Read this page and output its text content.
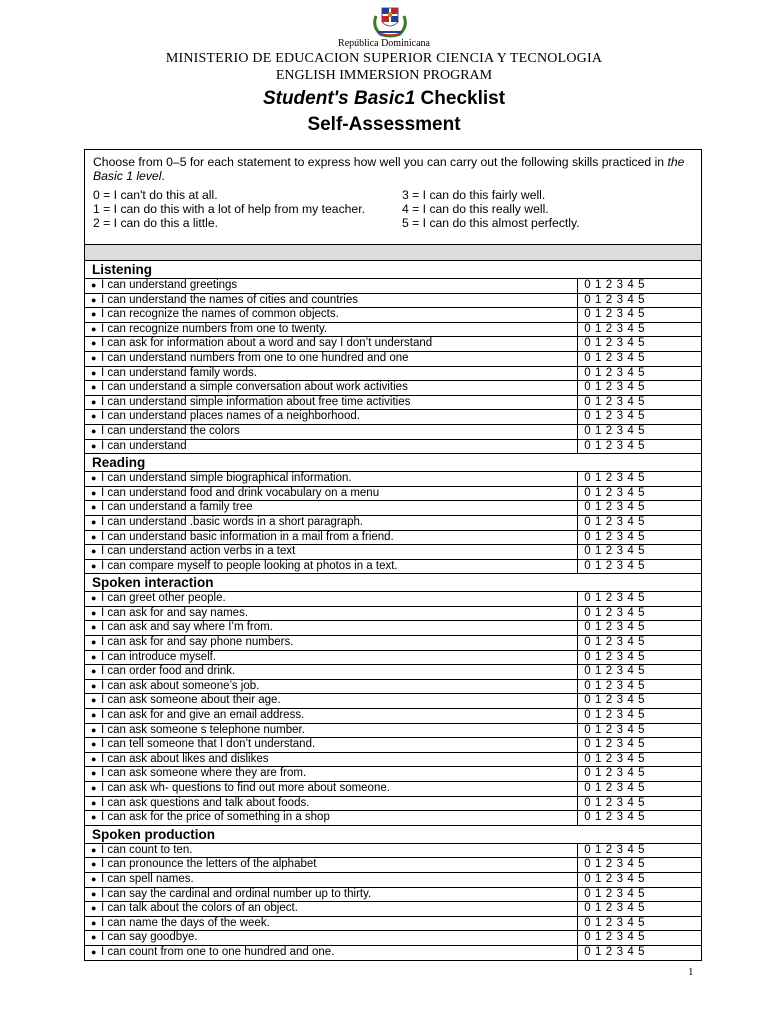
República Dominicana
MINISTERIO DE EDUCACION SUPERIOR CIENCIA Y TECNOLOGIA
ENGLISH IMMERSION PROGRAM
Student's Basic1 Checklist
Self-Assessment
Choose from 0–5 for each statement to express how well you can carry out the following skills practiced in the Basic 1 level.
0 = I can't do this at all.
1 = I can do this with a lot of help from my teacher.
2 = I can do this a little.
3 = I can do this fairly well.
4 = I can do this really well.
5 = I can do this almost perfectly.
Listening	
● I can understand greetings	0 1 2 3 4 5
● I can understand the names of cities and countries	0 1 2 3 4 5
● I can recognize the names of common objects.	0 1 2 3 4 5
● I can recognize numbers from one to twenty.	0 1 2 3 4 5
● I can ask for information about a word and say I don’t understand	0 1 2 3 4 5
● I can understand numbers from one to one hundred and one	0 1 2 3 4 5
● I can understand family words.	0 1 2 3 4 5
● I can understand a simple conversation about work activities	0 1 2 3 4 5
● I can understand simple information about free time activities	0 1 2 3 4 5
● I can understand places names of a neighborhood.	0 1 2 3 4 5
● I can understand the colors	0 1 2 3 4 5
● I can understand	0 1 2 3 4 5
Reading	
● I can understand simple biographical information.	0 1 2 3 4 5
● I can understand food and drink vocabulary on a menu	0 1 2 3 4 5
● I can understand a family tree	0 1 2 3 4 5
● I can understand .basic words in a short paragraph.	0 1 2 3 4 5
● I can understand basic information in a mail from a friend.	0 1 2 3 4 5
● I can understand action verbs in a text	0 1 2 3 4 5
● I can compare myself to people looking at photos in a text.	0 1 2 3 4 5
Spoken interaction	
● I can greet other people.	0 1 2 3 4 5
● I can ask for and say names.	0 1 2 3 4 5
● I can ask and say where I’m from.	0 1 2 3 4 5
● I can ask for and say phone numbers.	0 1 2 3 4 5
● I can introduce myself.	0 1 2 3 4 5
● I can order food and drink.	0 1 2 3 4 5
● I can ask about someone’s job.	0 1 2 3 4 5
● I can ask someone about their age.	0 1 2 3 4 5
● I can ask for and give an email address.	0 1 2 3 4 5
● I can ask someone s telephone number.	0 1 2 3 4 5
● I can tell someone that I don’t understand.	0 1 2 3 4 5
● I can ask about likes and dislikes	0 1 2 3 4 5
● I can ask someone where they are from.	0 1 2 3 4 5
● I can ask wh- questions to find out more about someone.	0 1 2 3 4 5
● I can ask questions and talk about foods.	0 1 2 3 4 5
● I can ask for the price of something in a shop	0 1 2 3 4 5
Spoken production	
● I can count to ten.	0 1 2 3 4 5
● I can pronounce the letters of the alphabet	0 1 2 3 4 5
● I can spell names.	0 1 2 3 4 5
● I can say the cardinal and ordinal number up to thirty.	0 1 2 3 4 5
● I can talk about the colors of an object.	0 1 2 3 4 5
● I can name the days of the week.	0 1 2 3 4 5
● I can say goodbye.	0 1 2 3 4 5
● I can count from one to one hundred and one.	0 1 2 3 4 5
1
